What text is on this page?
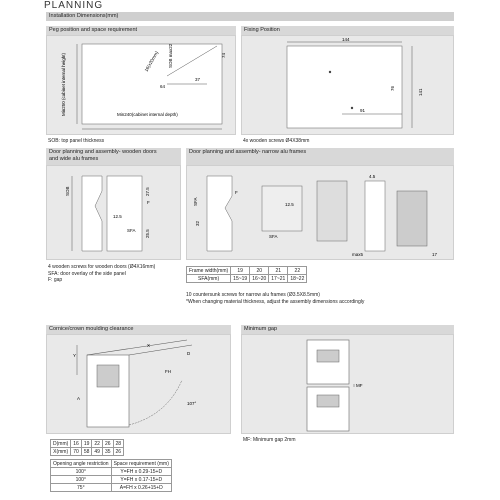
PLANNING
Installation Dimensions(mm)
Peg position and space requirement
Min250 (cabinet internal height)	16(x20mm) SOB max22
64
37
74
Min240(cabinet internal depth)
Fixing Position
144
141
76
91
SOB: top panel thickness	4x wooden screws Ø4X38mm
Door planning and assembly- wooden doors
and wide alu frames
SOB	27.5
F
12.5
SFA 25.5
Door planning and assembly- narrow alu frames
SFA
F
32
12.5
SFA
4.5
max5	17
4 wooden screws for wooden doors (Ø4X16mm)
SFA: door overlay of the side panel
F: gap
Frame width(mm)	19	20	21	22
SFA(mm)	15~19	16~20	17~21	18~22
10 countersunk screws for narrow alu frames (Ø3.5X8.5mm)
*When changing material thickness, adjust the assembly dimensions accordingly
Cornice/crown moulding clearance
Y
X
D
FH
A
107°
Minimum gap
MF
D(mm)	16	19	22	26	28
X(mm)	70	58	49	35	26
Opening angle restriction	Space requirement (mm)
100°	Y=FH x 0.29-15+D
100°	Y=FH x 0.17-15+D
75°	A=FH x 0.26+15+D
MF: Minimum gap 2mm
